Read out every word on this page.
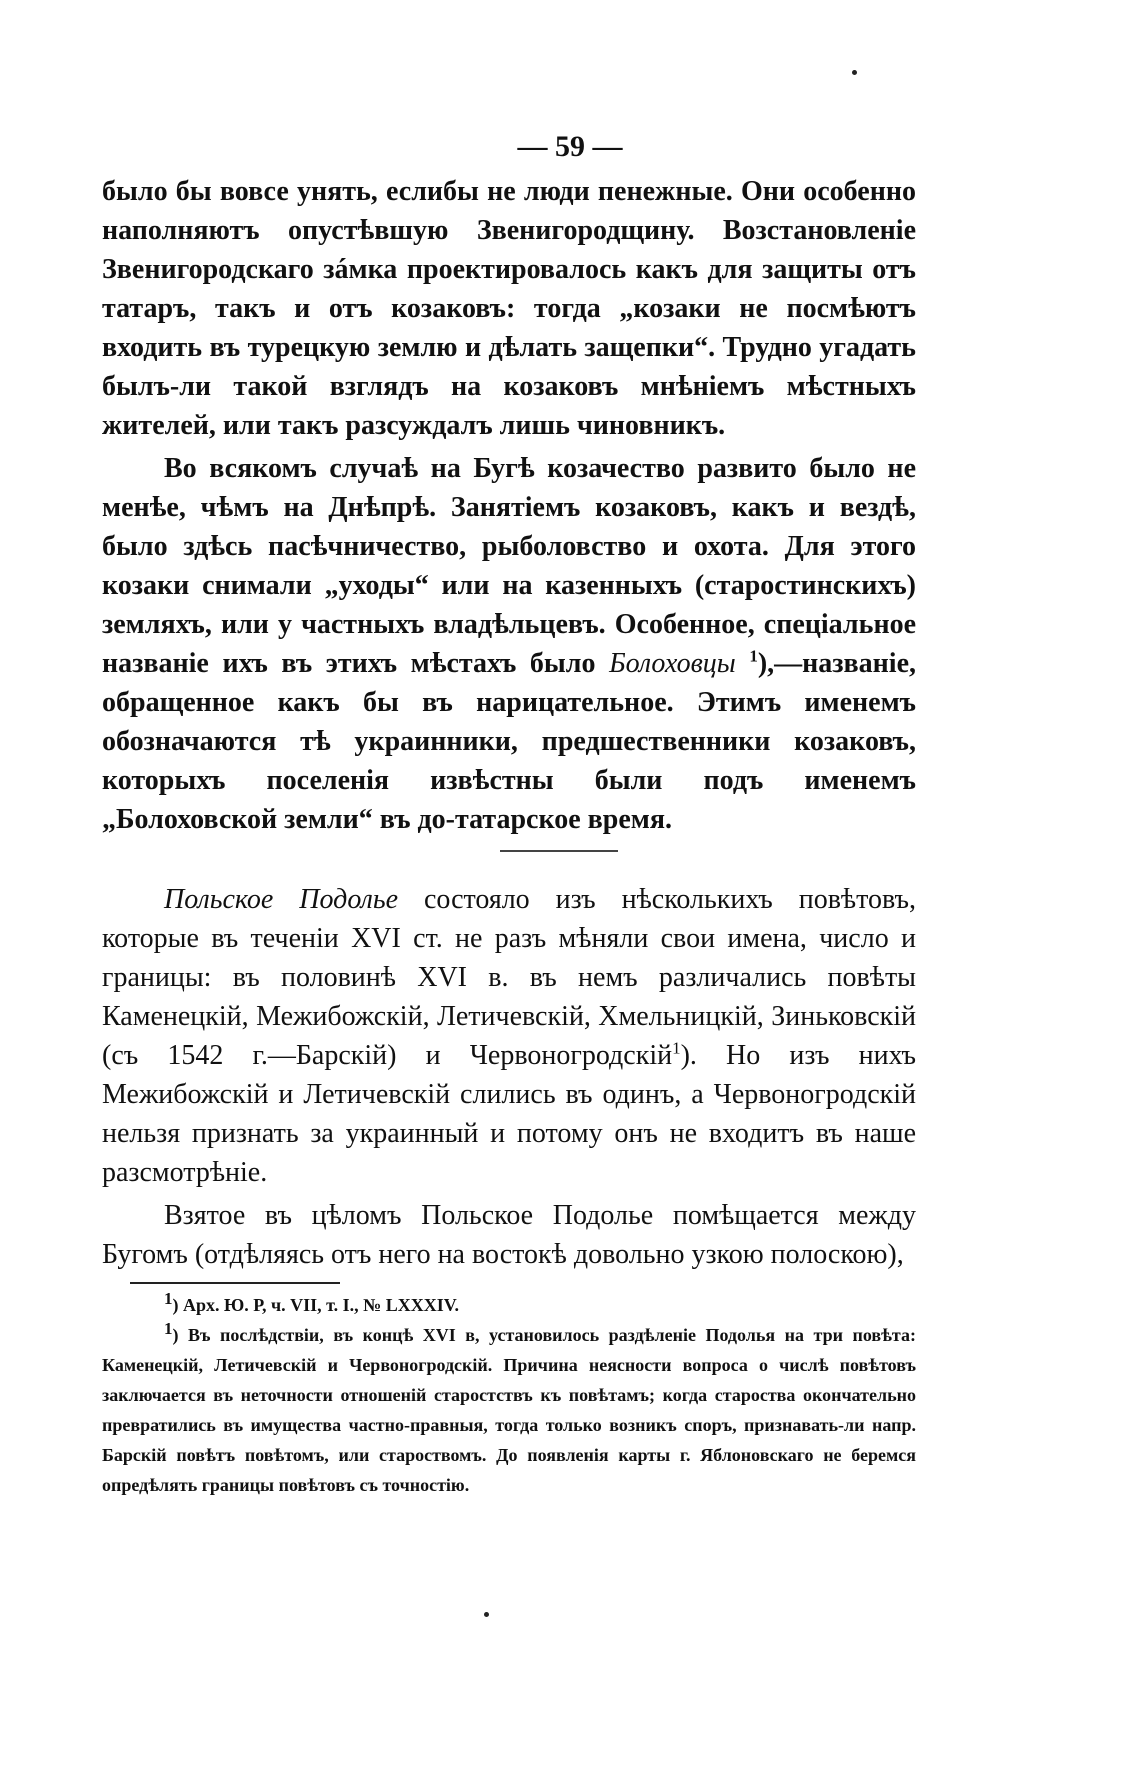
— 59 —

было бы вовсе унять, еслибы не люди пенежные. Они особенно наполняютъ опустѣвшую Звенигородщину. Возстановленіе Звенигородскаго зáмка проектировалось какъ для защиты отъ татаръ, такъ и отъ козаковъ: тогда „козаки не посмѣютъ входить въ турецкую землю и дѣлать защепки“. Трудно угадать былъ-ли такой взглядъ на козаковъ мнѣніемъ мѣстныхъ жителей, или такъ разсуждалъ лишь чиновникъ.

Во всякомъ случаѣ на Бугѣ козачество развито было не менѣе, чѣмъ на Днѣпрѣ. Занятіемъ козаковъ, какъ и вездѣ, было здѣсь пасѣчничество, рыболовство и охота. Для этого козаки снимали „уходы“ или на казенныхъ (старостинскихъ) земляхъ, или у частныхъ владѣльцевъ. Особенное, спеціальное названіе ихъ въ этихъ мѣстахъ было Болоховцы $^1$),—названіе, обращенное какъ бы въ нарицательное. Этимъ именемъ обозначаются тѣ украинники, предшественники козаковъ, которыхъ поселенія извѣстны были подъ именемъ „Болоховской земли“ въ до-татарское время.

Польское Подолье состояло изъ нѣсколькихъ повѣтовъ, которые въ теченіи XVI ст. не разъ мѣняли свои имена, число и границы: въ половинѣ XVI в. въ немъ различались повѣты Каменецкій, Межибожскій, Летичевскій, Хмельницкій, Зиньковскій (съ 1542 г.—Барскій) и Червоногродскій$^1$). Но изъ нихъ Межибожскій и Летичевскій слились въ одинъ, а Червоногродскій нельзя признать за украинный и потому онъ не входитъ въ наше разсмотрѣніе.

Взятое въ цѣломъ Польское Подолье помѣщается между Бугомъ (отдѣляясь отъ него на востокѣ довольно узкою полоскою),

1) Арх. Ю. Р, ч. VII, т. I., № LXXXIV.

1) Въ послѣдствіи, въ концѣ XVI в, установилось раздѣленіе Подолья на три повѣта: Каменецкій, Летичевскій и Червоногродскій. Причина неясности вопроса о числѣ повѣтовъ заключается въ неточности отношеній старостствъ къ повѣтамъ; когда староства окончательно превратились въ имущества частно-правныя, тогда только возникъ споръ, признавать-ли напр. Барскій повѣтъ повѣтомъ, или староствомъ. До появленія карты г. Яблоновскаго не беремся опредѣлять границы повѣтовъ съ точностію.
